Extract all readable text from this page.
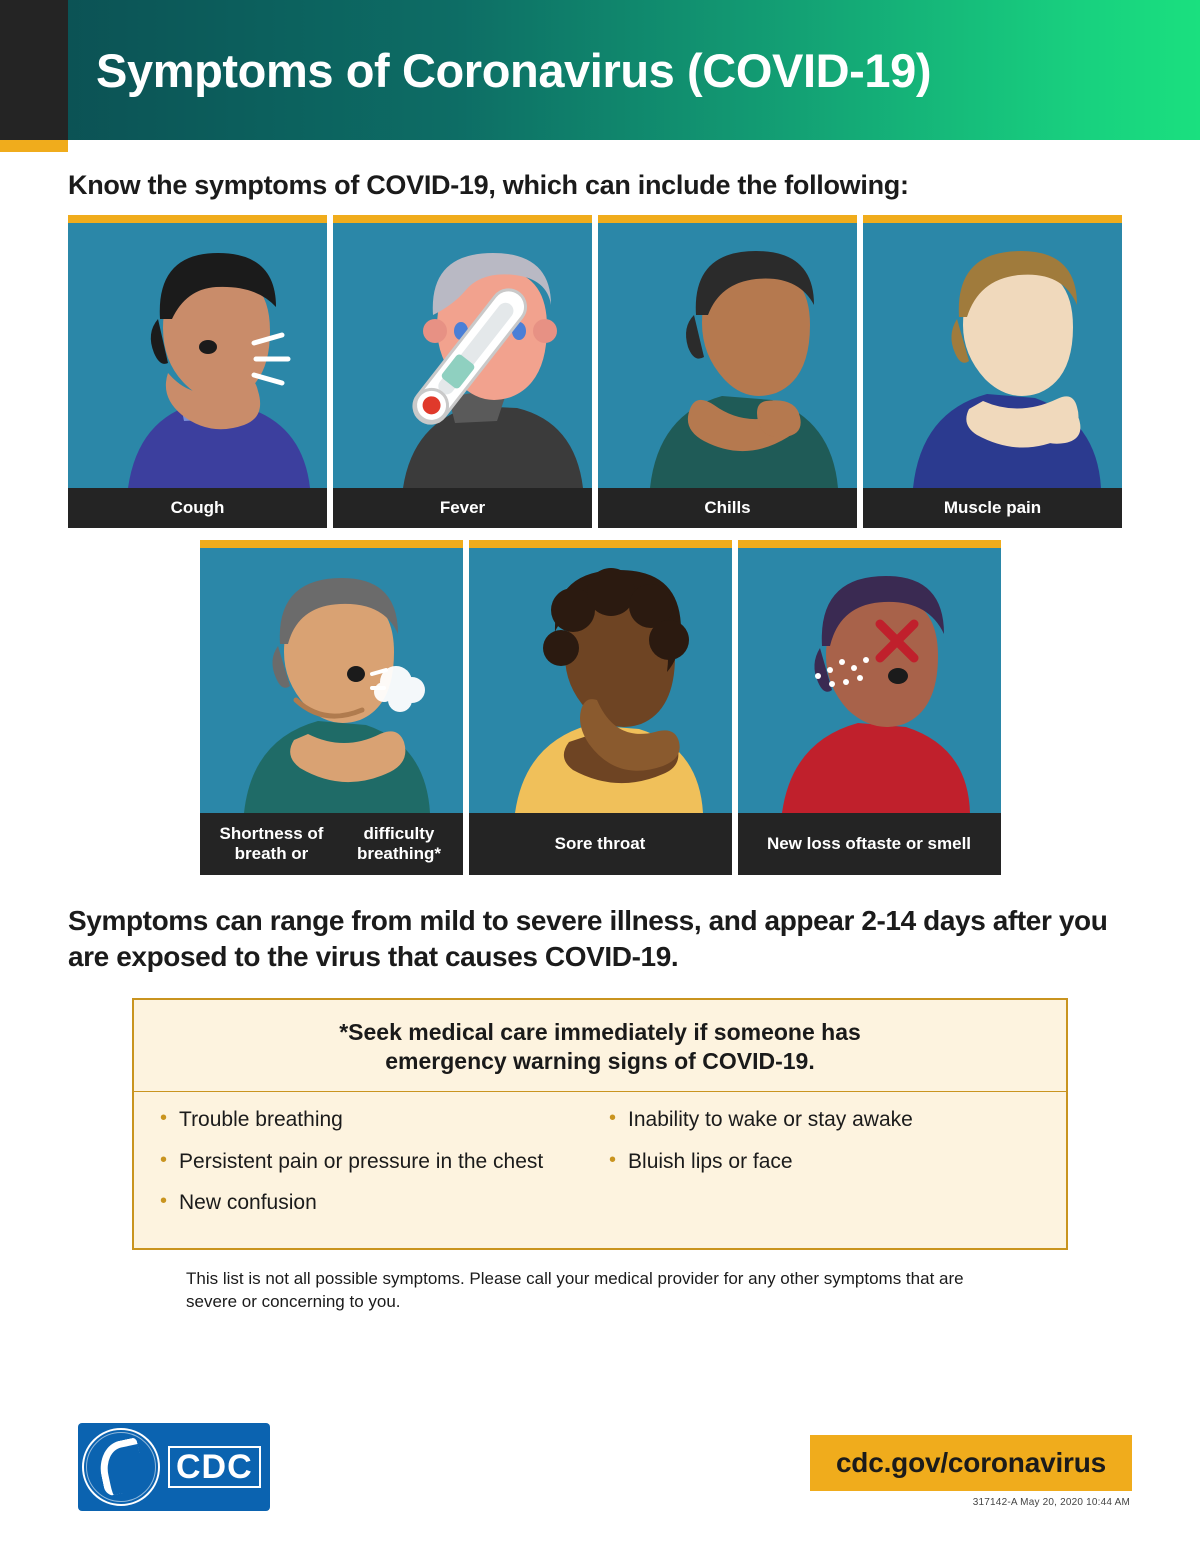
Symptoms of Coronavirus (COVID-19)
Know the symptoms of COVID-19, which can include the following:
Cough	Fever	Chills	Muscle pain
Shortness of breath or

difficulty breathing*
Sore throat	New loss of taste or smell
Symptoms can range from mild to severe illness, and appear 2-14 days after you are exposed to the virus that causes COVID-19.
*Seek medical care immediately if someone has
emergency warning signs of COVID-19.
• Trouble breathing
• Persistent pain or pressure in the chest
• New confusion
• Inability to wake or stay awake
• Bluish lips or face
This list is not all possible symptoms. Please call your medical provider for any other symptoms that are severe or concerning to you.
CDC	cdc.gov/coronavirus
317142-A May 20, 2020 10:44 AM
